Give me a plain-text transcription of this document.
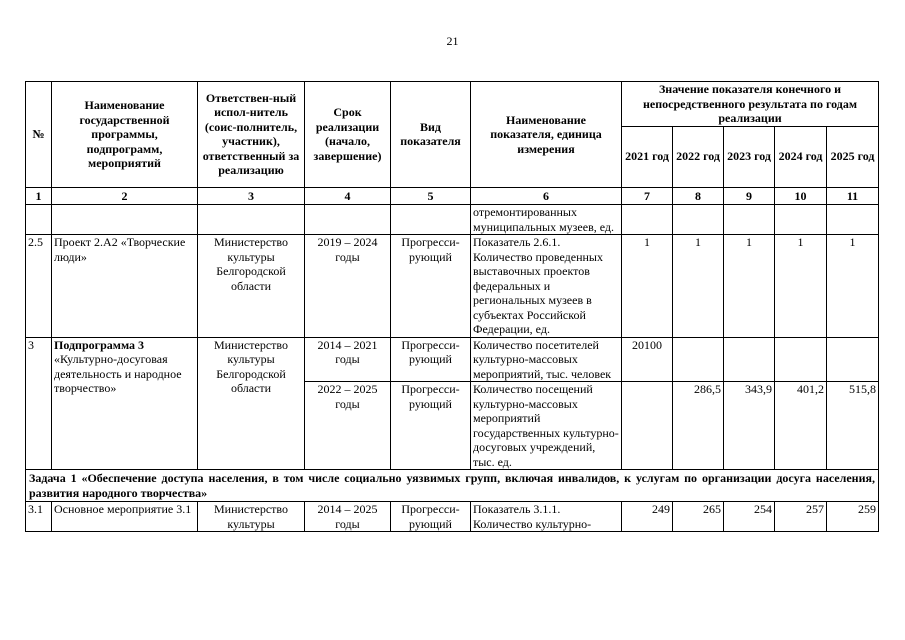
21
№	Наименование государственной программы, подпрограмм, мероприятий	Ответствен-ный испол-нитель (соис-полнитель, участник), ответственный за реализацию	Срок реализации (начало, завершение)	Вид показателя	Наименование показателя, единица измерения	Значение показателя конечного и непосредственного результата по годам реализации				
						2021 год	2022 год	2023 год	2024 год	2025 год
1	2	3	4	5	6	7	8	9	10	11
					отремонтированных муниципальных музеев, ед.					
2.5	Проект 2.А2 «Творческие люди»	Министерство культуры Белгородской области	2019 – 2024 годы	Прогресси-рующий	Показатель 2.6.1. Количество проведенных выставочных проектов федеральных и региональных музеев в субъектах Российской Федерации, ед.	1	1	1	1	1
3	Подпрограмма 3 «Культурно-досуговая деятельность и народное творчество»	Министерство культуры Белгородской области	2014 – 2021 годы	Прогресси-рующий	Количество посетителей культурно-массовых мероприятий, тыс. человек	20100				
			2022 – 2025 годы	Прогресси-рующий	Количество посещений культурно-массовых мероприятий государственных культурно-досуговых учреждений, тыс. ед.		286,5	343,9	401,2	515,8
Задача 1 «Обеспечение доступа населения, в том числе социально уязвимых групп, включая инвалидов, к услугам по организации досуга населения, развития народного творчества»										
3.1	Основное мероприятие 3.1	Министерство культуры	2014 – 2025 годы	Прогресси-рующий	Показатель 3.1.1. Количество культурно-	249	265	254	257	259
